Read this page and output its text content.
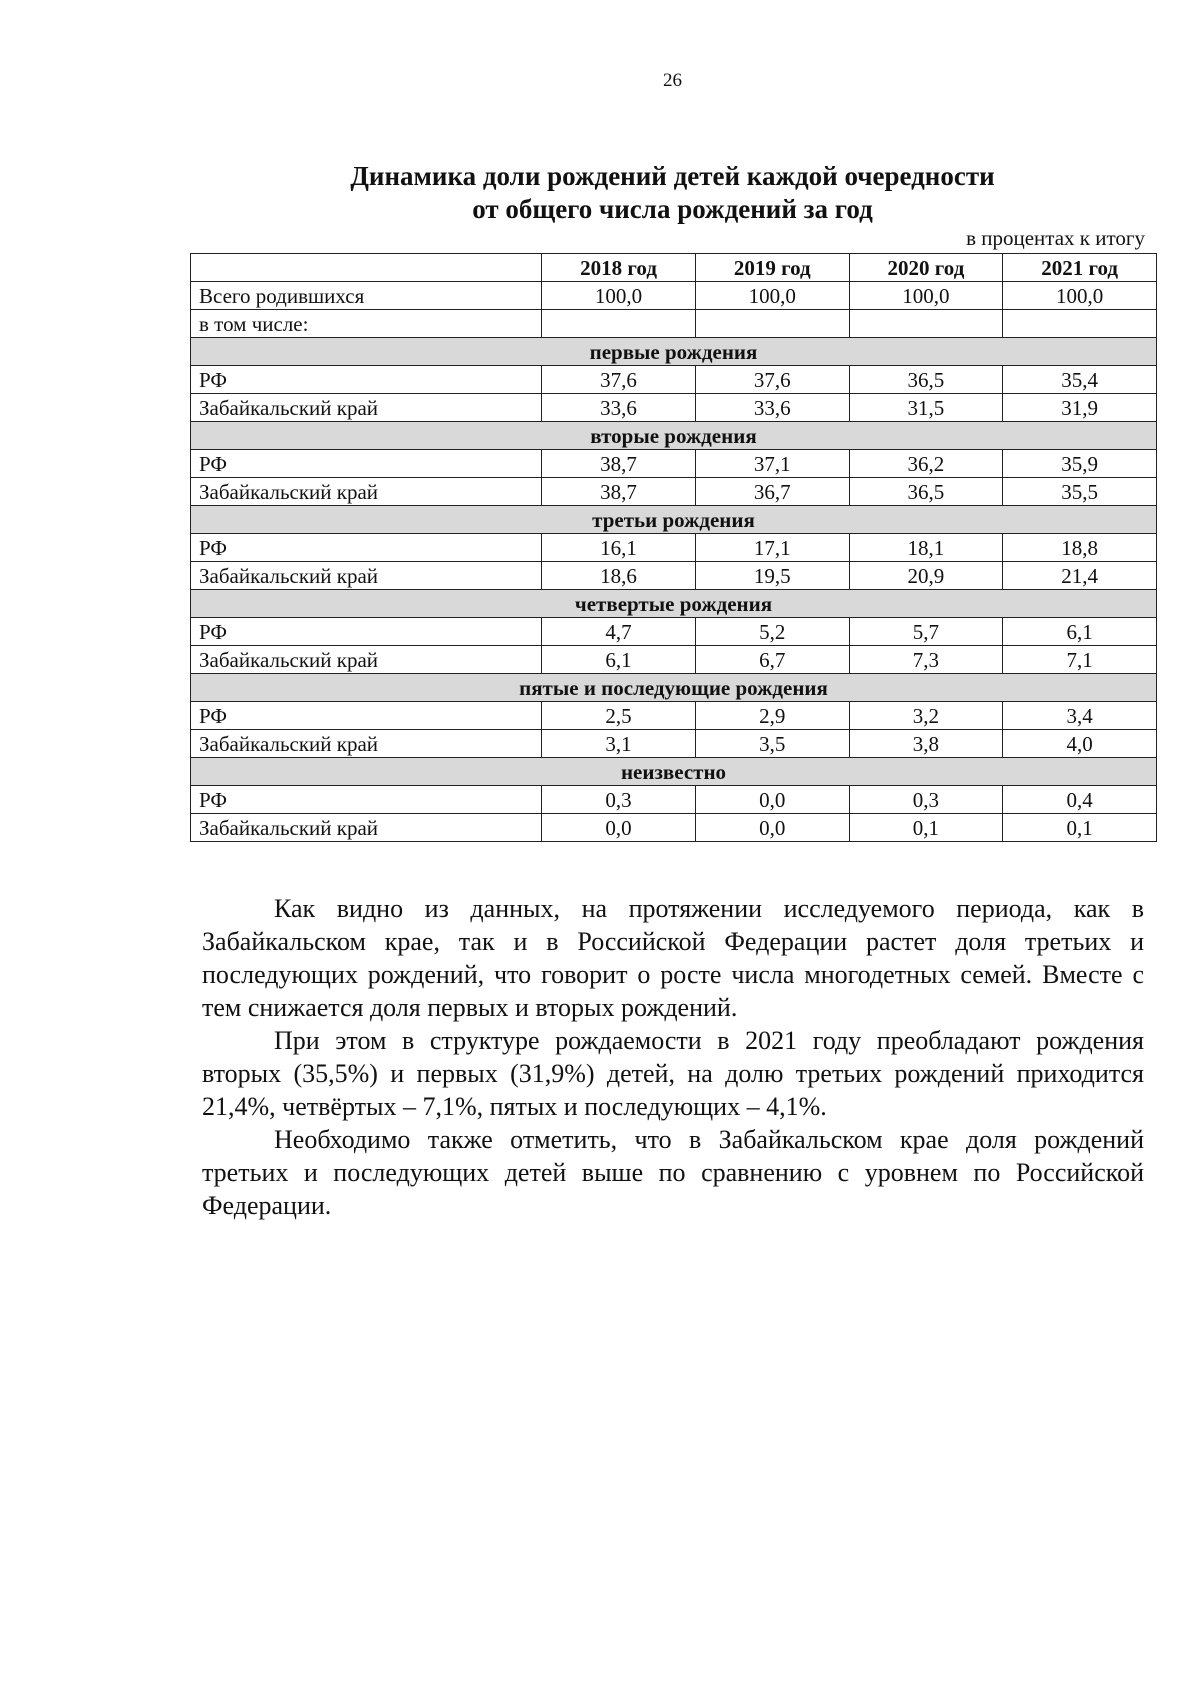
26
Динамика доли рождений детей каждой очередности
от общего числа рождений за год
в процентах к итогу
	2018 год	2019 год	2020 год	2021 год
Всего родившихся	100,0	100,0	100,0	100,0
в том числе:				
первые рождения				
РФ	37,6	37,6	36,5	35,4
Забайкальский край	33,6	33,6	31,5	31,9
вторые рождения				
РФ	38,7	37,1	36,2	35,9
Забайкальский край	38,7	36,7	36,5	35,5
третьи рождения				
РФ	16,1	17,1	18,1	18,8
Забайкальский край	18,6	19,5	20,9	21,4
четвертые рождения				
РФ	4,7	5,2	5,7	6,1
Забайкальский край	6,1	6,7	7,3	7,1
пятые и последующие рождения				
РФ	2,5	2,9	3,2	3,4
Забайкальский край	3,1	3,5	3,8	4,0
неизвестно				
РФ	0,3	0,0	0,3	0,4
Забайкальский край	0,0	0,0	0,1	0,1

Как видно из данных, на протяжении исследуемого периода, как в Забайкальском крае, так и в Российской Федерации растет доля третьих и последующих рождений, что говорит о росте числа многодетных семей. Вместе с тем снижается доля первых и вторых рождений.

При этом в структуре рождаемости в 2021 году преобладают рождения вторых (35,5%) и первых (31,9%) детей, на долю третьих рождений приходится 21,4%, четвёртых – 7,1%, пятых и последующих – 4,1%.

Необходимо также отметить, что в Забайкальском крае доля рождений третьих и последующих детей выше по сравнению с уровнем по Российской Федерации.
